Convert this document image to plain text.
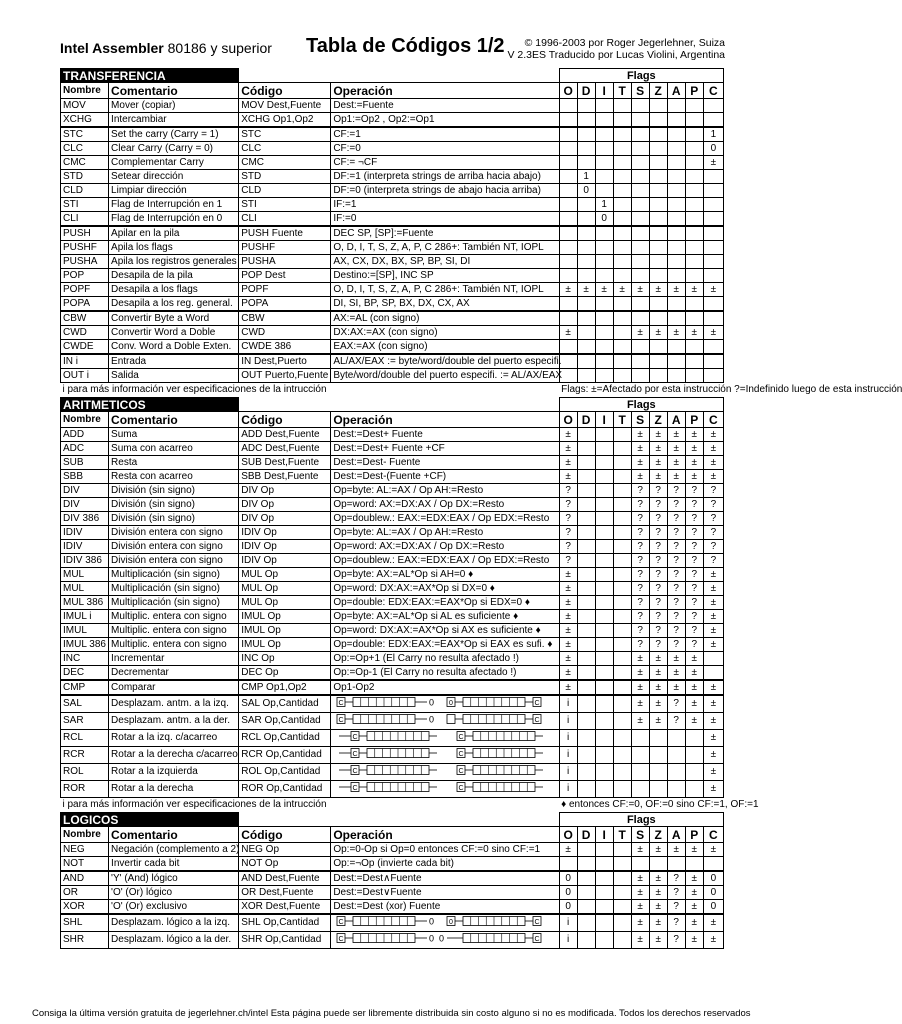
Intel Assembler 80186 y superior Tabla de Códigos 1/2	© 1996-2003 por Roger Jegerlehner, Suiza
V 2.3ES Traducido por Lucas Violini, Argentina
TRANSFERENCIA				Flags								
Nombre	Comentario	Código	Operación	O	D	I	T	S	Z	A	P	C
MOV	Mover (copiar)	MOV Dest,Fuente	Dest:=Fuente									
XCHG	Intercambiar	XCHG Op1,Op2	Op1:=Op2 , Op2:=Op1									
STC	Set the carry (Carry = 1)	STC	CF:=1									1
CLC	Clear Carry (Carry = 0)	CLC	CF:=0									0
CMC	Complementar Carry	CMC	CF:= ¬CF									±
STD	Setear dirección	STD	DF:=1 (interpreta strings de arriba hacia abajo)		1							
CLD	Limpiar dirección	CLD	DF:=0 (interpreta strings de abajo hacia arriba)		0							
STI	Flag de Interrupción en 1	STI	IF:=1			1						
CLI	Flag de Interrupción en 0	CLI	IF:=0			0						
PUSH	Apilar en la pila	PUSH Fuente	DEC SP, [SP]:=Fuente									
PUSHF	Apila los flags	PUSHF	O, D, I, T, S, Z, A, P, C 286+: También NT, IOPL									
PUSHA	Apila los registros generales	PUSHA	AX, CX, DX, BX, SP, BP, SI, DI									
POP	Desapila de la pila	POP Dest	Destino:=[SP], INC SP									
POPF	Desapila a los flags	POPF	O, D, I, T, S, Z, A, P, C 286+: También NT, IOPL	±	±	±	±	±	±	±	±	±
POPA	Desapila a los reg. general.	POPA	DI, SI, BP, SP, BX, DX, CX, AX									
CBW	Convertir Byte a Word	CBW	AX:=AL (con signo)									
CWD	Convertir Word a Doble	CWD	DX:AX:=AX (con signo)	±				±	±	±	±	±
CWDE	Conv. Word a Doble Exten.	CWDE 386	EAX:=AX (con signo)									
IN i	Entrada	IN Dest,Puerto	AL/AX/EAX := byte/word/double del puerto especifi.									
OUT i	Salida	OUT Puerto,Fuente	Byte/word/double del puerto especifi. := AL/AX/EAX									
i para más información ver especificaciones de la intrucción				Flags: ±=Afectado por esta instrucción ?=Indefinido luego de esta instrucción								
ARITMETICOS				Flags								
Nombre	Comentario	Código	Operación	O	D	I	T	S	Z	A	P	C
ADD	Suma	ADD Dest,Fuente	Dest:=Dest+ Fuente	±				±	±	±	±	±
ADC	Suma con acarreo	ADC Dest,Fuente	Dest:=Dest+ Fuente +CF	±				±	±	±	±	±
SUB	Resta	SUB Dest,Fuente	Dest:=Dest- Fuente	±				±	±	±	±	±
SBB	Resta con acarreo	SBB Dest,Fuente	Dest:=Dest-(Fuente +CF)	±				±	±	±	±	±
DIV	División (sin signo)	DIV Op	Op=byte: AL:=AX / Op AH:=Resto	?				?	?	?	?	?
DIV	División (sin signo)	DIV Op	Op=word: AX:=DX:AX / Op DX:=Resto	?				?	?	?	?	?
DIV 386	División (sin signo)	DIV Op	Op=doublew.: EAX:=EDX:EAX / Op EDX:=Resto	?				?	?	?	?	?
IDIV	División entera con signo	IDIV Op	Op=byte: AL:=AX / Op AH:=Resto	?				?	?	?	?	?
IDIV	División entera con signo	IDIV Op	Op=word: AX:=DX:AX / Op DX:=Resto	?				?	?	?	?	?
IDIV 386	División entera con signo	IDIV Op	Op=doublew.: EAX:=EDX:EAX / Op EDX:=Resto	?				?	?	?	?	?
MUL	Multiplicación (sin signo)	MUL Op	Op=byte: AX:=AL*Op si AH=0 ♦	±				?	?	?	?	±
MUL	Multiplicación (sin signo)	MUL Op	Op=word: DX:AX:=AX*Op si DX=0 ♦	±				?	?	?	?	±
MUL 386	Multiplicación (sin signo)	MUL Op	Op=double: EDX:EAX:=EAX*Op si EDX=0 ♦	±				?	?	?	?	±
IMUL i	Multiplic. entera con signo	IMUL Op	Op=byte: AX:=AL*Op si AL es suficiente ♦	±				?	?	?	?	±
IMUL	Multiplic. entera con signo	IMUL Op	Op=word: DX:AX:=AX*Op si AX es suficiente ♦	±				?	?	?	?	±
IMUL 386	Multiplic. entera con signo	IMUL Op	Op=double: EDX:EAX:=EAX*Op si EAX es sufi. ♦	±				?	?	?	?	±
INC	Incrementar	INC Op	Op:=Op+1 (El Carry no resulta afectado !)	±				±	±	±	±	
DEC	Decrementar	DEC Op	Op:=Op-1 (El Carry no resulta afectado !)	±				±	±	±	±	
CMP	Comparar	CMP Op1,Op2	Op1-Op2	±				±	±	±	±	±
SAL	Desplazam. antm. a la izq.	SAL Op,Cantidad	C 0 0 C	i				±	±	?	±	±
SAR	Desplazam. antm. a la der.	SAR Op,Cantidad	C 0 C	i				±	±	?	±	±
RCL	Rotar a la izq. c/acarreo	RCL Op,Cantidad	C C	i								±
RCR	Rotar a la derecha c/acarreo	RCR Op,Cantidad	C C	i								±
ROL	Rotar a la izquierda	ROL Op,Cantidad	C C	i								±
ROR	Rotar a la derecha	ROR Op,Cantidad	C C	i								±
i para más información ver especificaciones de la intrucción				♦ entonces CF:=0, OF:=0 sino CF:=1, OF:=1								
LOGICOS				Flags								
Nombre	Comentario	Código	Operación	O	D	I	T	S	Z	A	P	C
NEG	Negación (complemento a 2)	NEG Op	Op:=0-Op si Op=0 entonces CF:=0 sino CF:=1	±				±	±	±	±	±
NOT	Invertir cada bit	NOT Op	Op:=¬Op (invierte cada bit)									
AND	'Y' (And) lógico	AND Dest,Fuente	Dest:=Dest∧Fuente	0				±	±	?	±	0
OR	'O' (Or) lógico	OR Dest,Fuente	Dest:=Dest∨Fuente	0				±	±	?	±	0
XOR	'O' (Or) exclusivo	XOR Dest,Fuente	Dest:=Dest (xor) Fuente	0				±	±	?	±	0
SHL	Desplazam. lógico a la izq.	SHL Op,Cantidad	C 0 0 C	i				±	±	?	±	±
SHR	Desplazam. lógico a la der.	SHR Op,Cantidad	C 0 0 C	i				±	±	?	±	±
Consiga la última versión gratuita de jegerlehner.ch/intel Esta página puede ser libremente distribuida sin costo alguno si no es modificada. Todos los derechos reservados
